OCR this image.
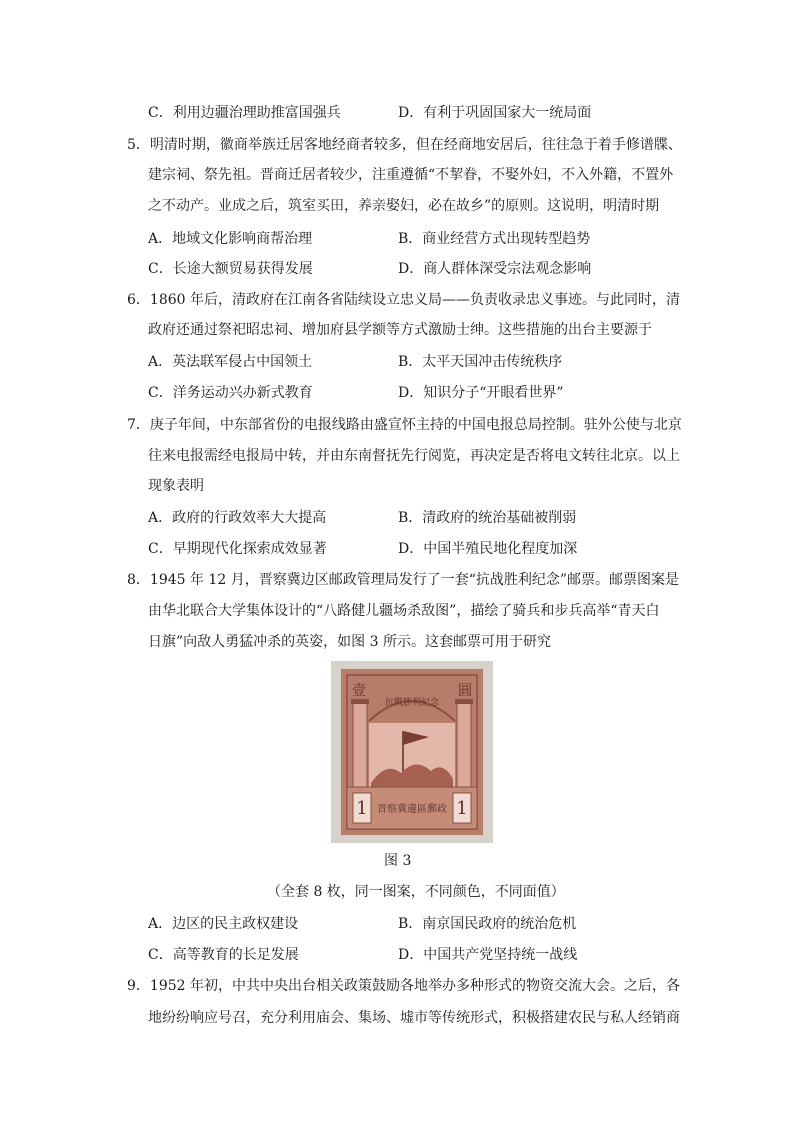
C．利用边疆治理助推富国强兵	D．有利于巩固国家大一统局面
5．明清时期，徽商举族迁居客地经商者较多，但在经商地安居后，往往急于着手修谱牒、
建宗祠、祭先祖。晋商迁居者较少，注重遵循“不挈眷，不娶外妇，不入外籍，不置外
之不动产。业成之后，筑室买田，养亲娶妇，必在故乡”的原则。这说明，明清时期
A．地域文化影响商帮治理	B．商业经营方式出现转型趋势
C．长途大额贸易获得发展	D．商人群体深受宗法观念影响
6．1860 年后，清政府在江南各省陆续设立忠义局——负责收录忠义事迹。与此同时，清
政府还通过祭祀昭忠祠、增加府县学额等方式激励士绅。这些措施的出台主要源于
A．英法联军侵占中国领土	B．太平天国冲击传统秩序
C．洋务运动兴办新式教育	D．知识分子“开眼看世界”
7．庚子年间，中东部省份的电报线路由盛宣怀主持的中国电报总局控制。驻外公使与北京
往来电报需经电报局中转，并由东南督抚先行阅览，再决定是否将电文转往北京。以上
现象表明
A．政府的行政效率大大提高	B．清政府的统治基础被削弱
C．早期现代化探索成效显著	D．中国半殖民地化程度加深
8．1945 年 12 月，晋察冀边区邮政管理局发行了一套“抗战胜利纪念”邮票。邮票图案是
由华北联合大学集体设计的“八路健儿疆场杀敌图”，描绘了骑兵和步兵高举“青天白
日旗”向敌人勇猛冲杀的英姿，如图 3 所示。这套邮票可用于研究
1	1
晋察冀邊區郵政
壹	圓
抗戰勝利紀念
图 3
（全套 8 枚，同一图案，不同颜色，不同面值）
A．边区的民主政权建设	B．南京国民政府的统治危机
C．高等教育的长足发展	D．中国共产党坚持统一战线
9．1952 年初，中共中央出台相关政策鼓励各地举办多种形式的物资交流大会。之后，各
地纷纷响应号召，充分利用庙会、集场、墟市等传统形式，积极搭建农民与私人经销商
